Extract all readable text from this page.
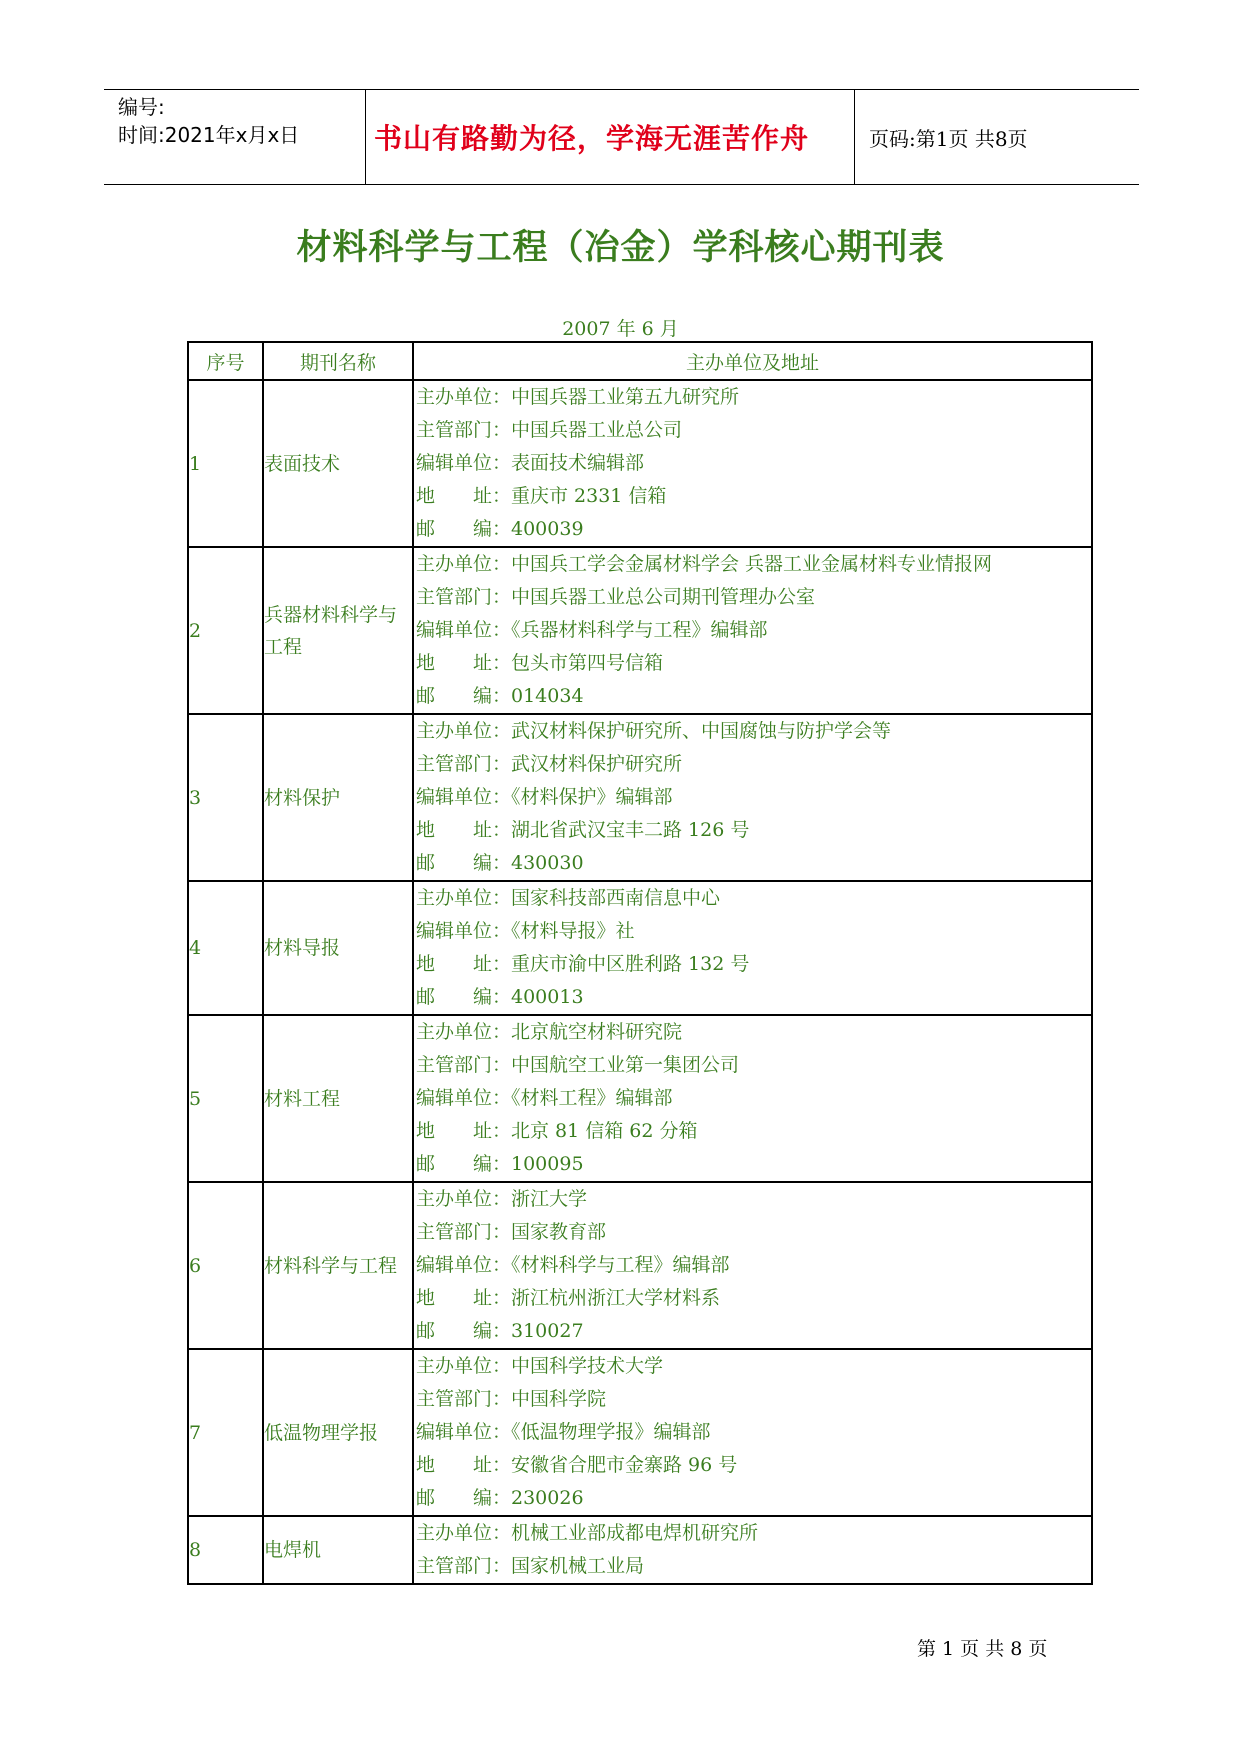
编号:
时间:2021年x月x日	书山有路勤为径，学海无涯苦作舟	页码:第1页 共8页
材料科学与工程（冶金）学科核心期刊表
2007 年 6 月
序号	期刊名称	主办单位及地址
1	表面技术	主办单位：中国兵器工业第五九研究所
主管部门：中国兵器工业总公司
编辑单位：表面技术编辑部
地　　址：重庆市 2331 信箱
邮　　编：400039

2	兵器材料科学与工程	主办单位：中国兵工学会金属材料学会 兵器工业金属材料专业情报网
主管部门：中国兵器工业总公司期刊管理办公室
编辑单位：《兵器材料科学与工程》编辑部
地　　址：包头市第四号信箱
邮　　编：014034

3	材料保护	主办单位：武汉材料保护研究所、中国腐蚀与防护学会等
主管部门：武汉材料保护研究所
编辑单位：《材料保护》编辑部
地　　址：湖北省武汉宝丰二路 126 号
邮　　编：430030

4	材料导报	主办单位：国家科技部西南信息中心
编辑单位：《材料导报》社
地　　址：重庆市渝中区胜利路 132 号
邮　　编：400013

5	材料工程	主办单位：北京航空材料研究院
主管部门：中国航空工业第一集团公司
编辑单位：《材料工程》编辑部
地　　址：北京 81 信箱 62 分箱
邮　　编：100095

6	材料科学与工程	主办单位：浙江大学
主管部门：国家教育部
编辑单位：《材料科学与工程》编辑部
地　　址：浙江杭州浙江大学材料系
邮　　编：310027

7	低温物理学报	主办单位：中国科学技术大学
主管部门：中国科学院
编辑单位：《低温物理学报》编辑部
地　　址：安徽省合肥市金寨路 96 号
邮　　编：230026

8	电焊机	主办单位：机械工业部成都电焊机研究所
主管部门：国家机械工业局
第 1 页 共 8 页
